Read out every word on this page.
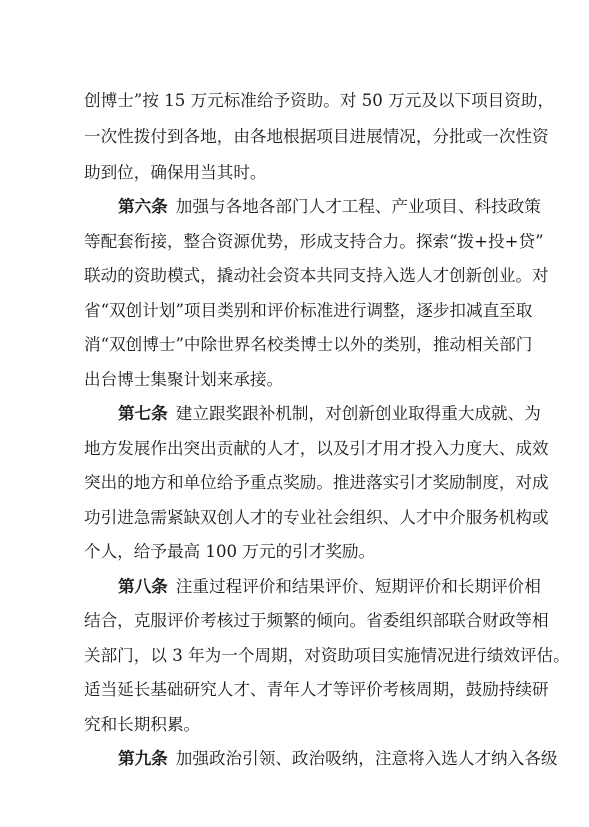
创博士”按 15 万元标准给予资助。对 50 万元及以下项目资助，
一次性拨付到各地，由各地根据项目进展情况，分批或一次性资
助到位，确保用当其时。
第六条 加强与各地各部门人才工程、产业项目、科技政策
等配套衔接，整合资源优势，形成支持合力。探索“拨+投+贷”
联动的资助模式，撬动社会资本共同支持入选人才创新创业。对
省“双创计划”项目类别和评价标准进行调整，逐步扣减直至取
消“双创博士”中除世界名校类博士以外的类别，推动相关部门
出台博士集聚计划来承接。
第七条 建立跟奖跟补机制，对创新创业取得重大成就、为
地方发展作出突出贡献的人才，以及引才用才投入力度大、成效
突出的地方和单位给予重点奖励。推进落实引才奖励制度，对成
功引进急需紧缺双创人才的专业社会组织、人才中介服务机构或
个人，给予最高 100 万元的引才奖励。
第八条 注重过程评价和结果评价、短期评价和长期评价相
结合，克服评价考核过于频繁的倾向。省委组织部联合财政等相
关部门，以 3 年为一个周期，对资助项目实施情况进行绩效评估。
适当延长基础研究人才、青年人才等评价考核周期，鼓励持续研
究和长期积累。
第九条 加强政治引领、政治吸纳，注意将入选人才纳入各级
